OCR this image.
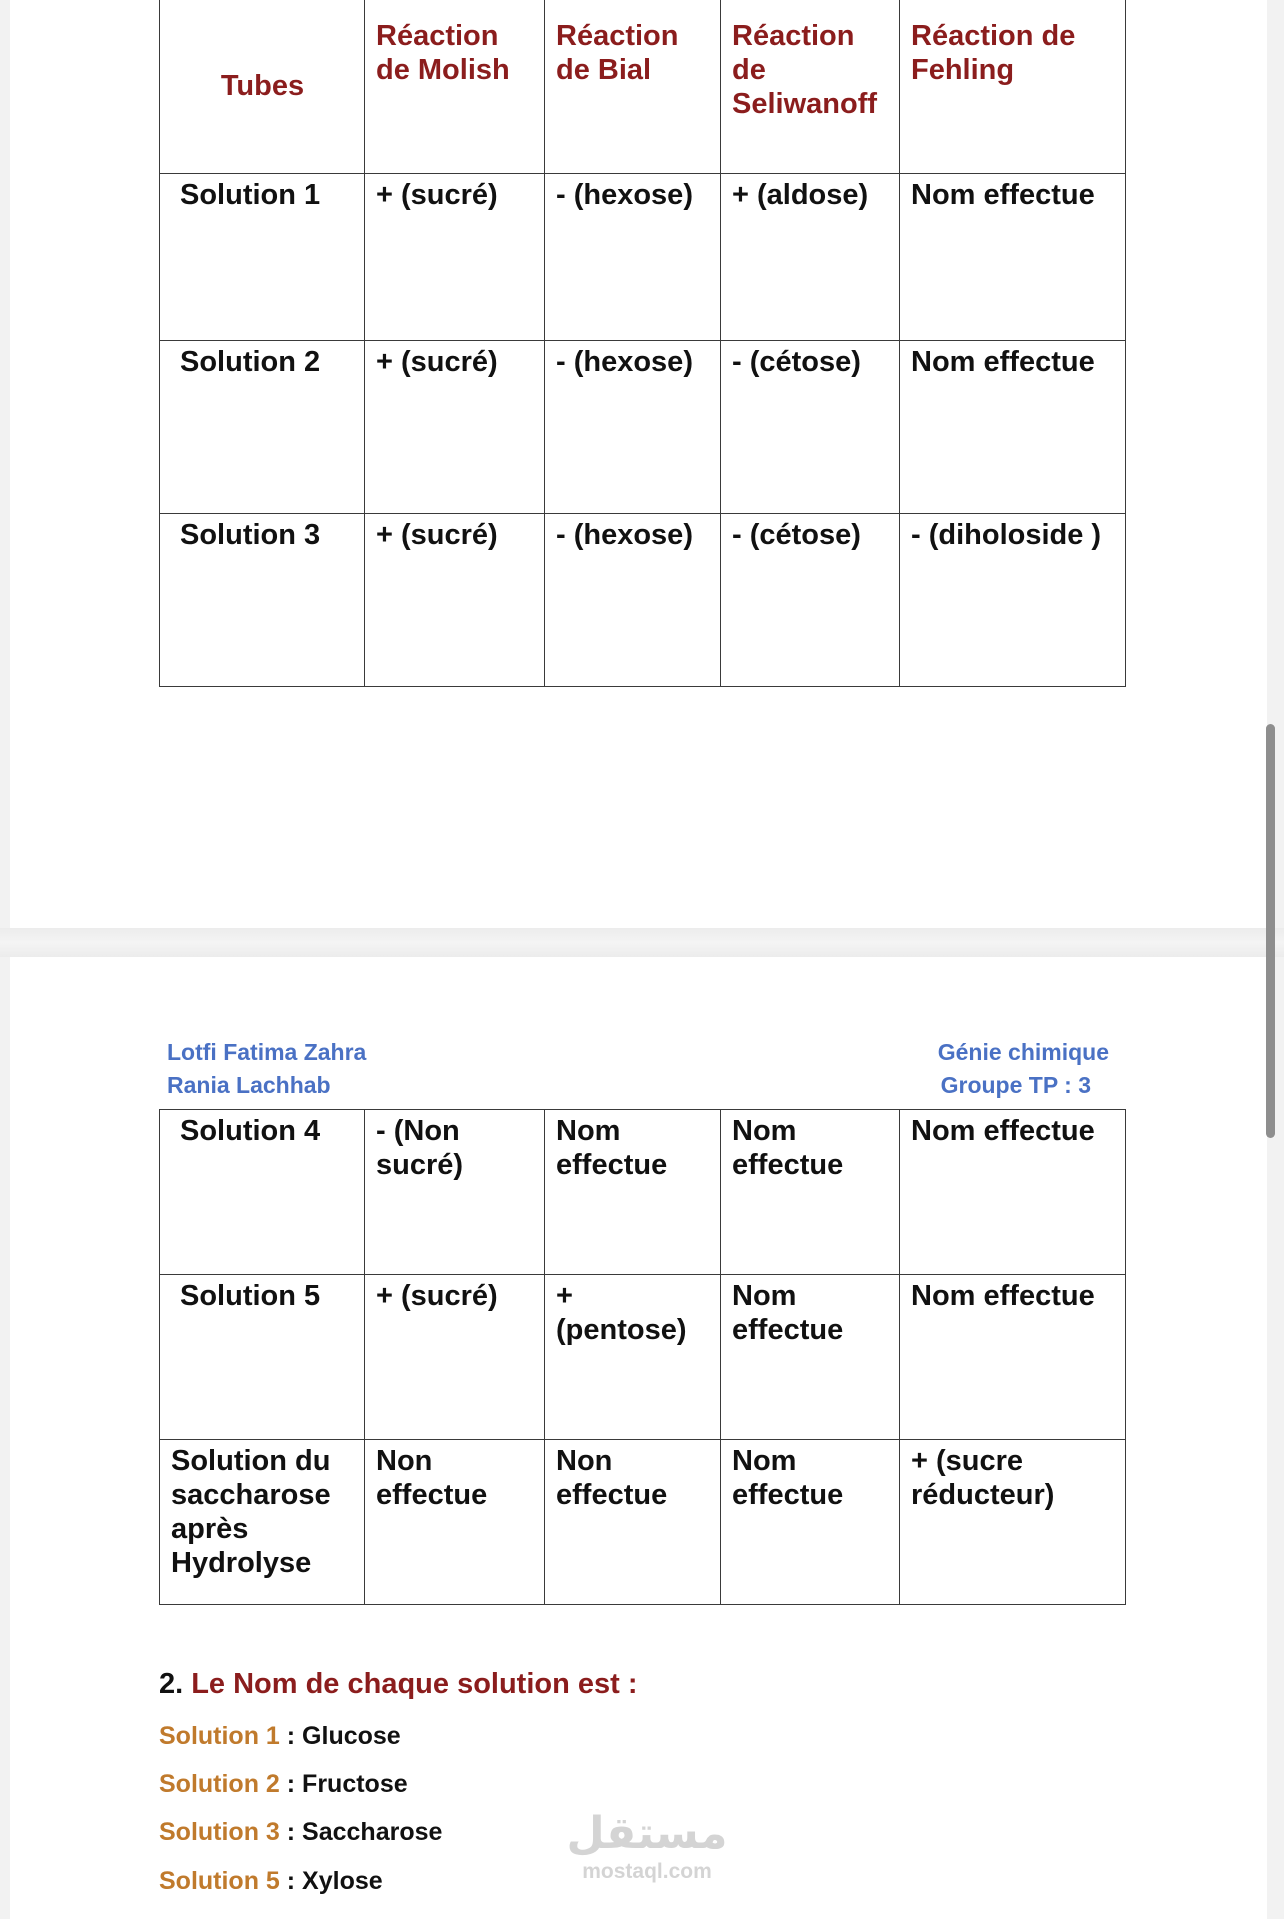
Tubes	Réaction de Molish	Réaction de Bial	Réaction de Seliwanoff	Réaction de Fehling
Solution 1	+ (sucré)	- (hexose)	+ (aldose)	Nom effectue
Solution 2	+ (sucré)	- (hexose)	- (cétose)	Nom effectue
Solution 3	+ (sucré)	- (hexose)	- (cétose)	- (diholoside )
Lotfi Fatima Zahra
Rania Lachhab
Génie chimique
Groupe TP : 3
Solution 4	- (Non sucré)	Nom effectue	Nom effectue	Nom effectue
Solution 5	+ (sucré)	+ (pentose)	Nom effectue	Nom effectue
Solution du saccharose après Hydrolyse	Non effectue	Non effectue	Nom effectue	+ (sucre réducteur)
2. Le Nom de chaque solution est :
Solution 1 : Glucose
Solution 2 : Fructose
Solution 3 : Saccharose
Solution 5 : Xylose
مستقل
mostaql.com
